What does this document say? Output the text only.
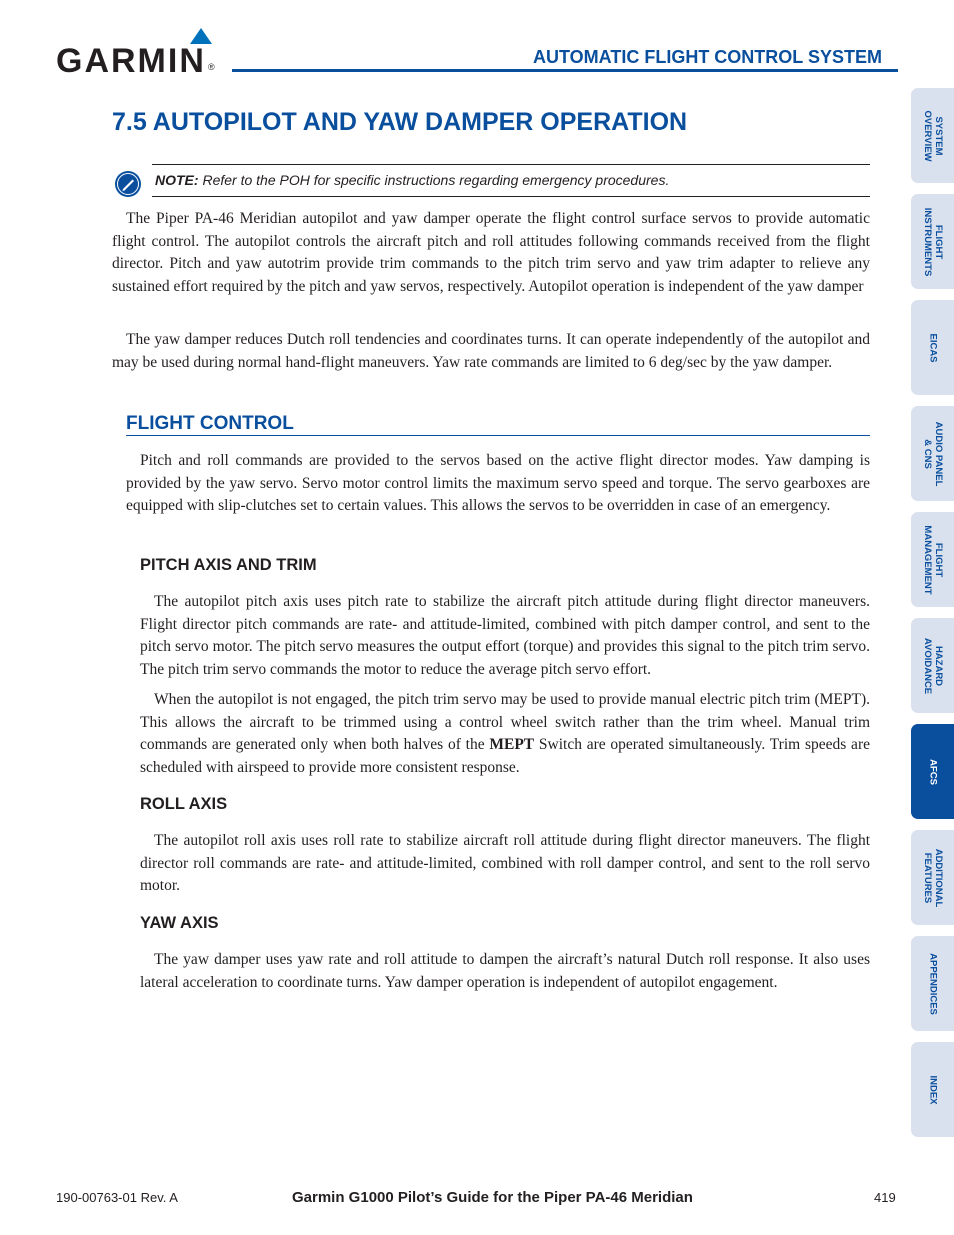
GARMIN ®	AUTOMATIC FLIGHT CONTROL SYSTEM
7.5 AUTOPILOT AND YAW DAMPER OPERATION
NOTE: Refer to the POH for specific instructions regarding emergency procedures.

The Piper PA-46 Meridian autopilot and yaw damper operate the flight control surface servos to provide automatic flight control. The autopilot controls the aircraft pitch and roll attitudes following commands received from the flight director. Pitch and yaw autotrim provide trim commands to the pitch trim servo and yaw trim adapter to relieve any sustained effort required by the pitch and yaw servos, respectively. Autopilot operation is independent of the yaw damper

The yaw damper reduces Dutch roll tendencies and coordinates turns. It can operate independently of the autopilot and may be used during normal hand-flight maneuvers. Yaw rate commands are limited to 6 deg/sec by the yaw damper.

FLIGHT CONTROL

Pitch and roll commands are provided to the servos based on the active flight director modes. Yaw damping is provided by the yaw servo. Servo motor control limits the maximum servo speed and torque. The servo gearboxes are equipped with slip-clutches set to certain values. This allows the servos to be overridden in case of an emergency.

PITCH AXIS AND TRIM

The autopilot pitch axis uses pitch rate to stabilize the aircraft pitch attitude during flight director maneuvers. Flight director pitch commands are rate- and attitude-limited, combined with pitch damper control, and sent to the pitch servo motor. The pitch servo measures the output effort (torque) and provides this signal to the pitch trim servo. The pitch trim servo commands the motor to reduce the average pitch servo effort.

When the autopilot is not engaged, the pitch trim servo may be used to provide manual electric pitch trim (MEPT). This allows the aircraft to be trimmed using a control wheel switch rather than the trim wheel. Manual trim commands are generated only when both halves of the MEPT Switch are operated simultaneously. Trim speeds are scheduled with airspeed to provide more consistent response.

ROLL AXIS

The autopilot roll axis uses roll rate to stabilize aircraft roll attitude during flight director maneuvers. The flight director roll commands are rate- and attitude-limited, combined with roll damper control, and sent to the roll servo motor.

YAW AXIS

The yaw damper uses yaw rate and roll attitude to dampen the aircraft’s natural Dutch roll response. It also uses lateral acceleration to coordinate turns. Yaw damper operation is independent of autopilot engagement.

SYSTEM
OVERVIEW
FLIGHT
INSTRUMENTS
EICAS
AUDIO PANEL
& CNS
FLIGHT
MANAGEMENT
HAZARD
AVOIDANCE
AFCS
ADDITIONAL
FEATURES
APPENDICES
INDEX
190-00763-01 Rev. A	Garmin G1000 Pilot’s Guide for the Piper PA-46 Meridian	419
